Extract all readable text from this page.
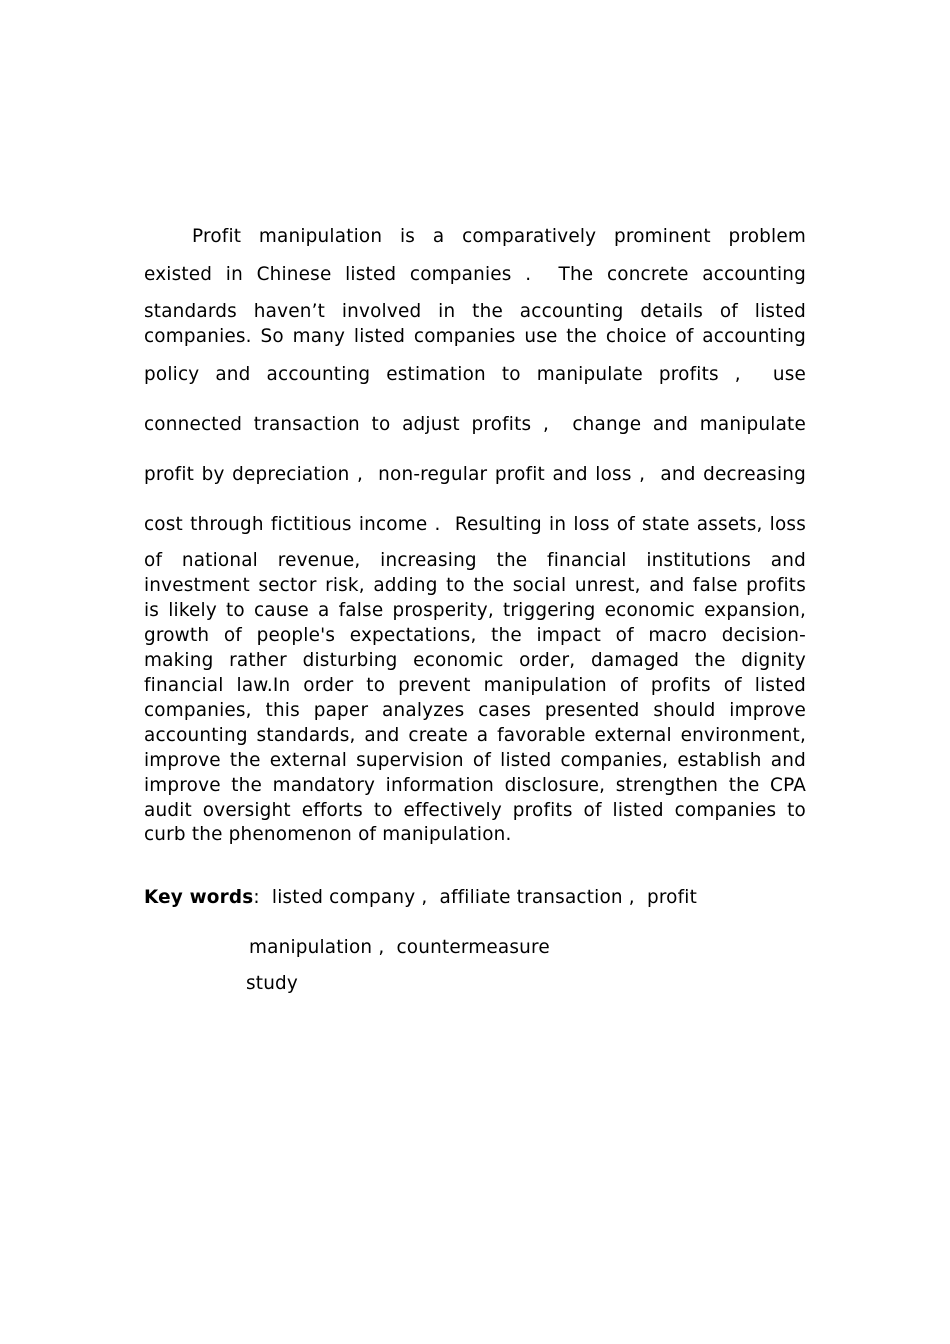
Profit manipulation is a comparatively prominent problem
existed in Chinese listed companies .  The concrete accounting
standards haven’t involved in the accounting details of listed
companies. So many listed companies use the choice of accounting
policy and accounting estimation to manipulate profits ,  use
connected transaction to adjust profits ,  change and manipulate
profit by depreciation ,  non-regular profit and loss ,  and decreasing
cost through fictitious income .  Resulting in loss of state assets, loss
of national revenue, increasing the financial institutions and
investment sector risk, adding to the social unrest, and false profits
is likely to cause a false prosperity, triggering economic expansion,
growth of people's expectations, the impact of macro decision-
making rather disturbing economic order, damaged the dignity
financial law.In order to prevent manipulation of profits of listed
companies, this paper analyzes cases presented should improve
accounting standards, and create a favorable external environment,
improve the external supervision of listed companies, establish and
improve the mandatory information disclosure, strengthen the CPA
audit oversight efforts to effectively profits of listed companies to
curb the phenomenon of manipulation.
Key words:  listed company ,  affiliate transaction ,  profit
manipulation ,  countermeasure
study
